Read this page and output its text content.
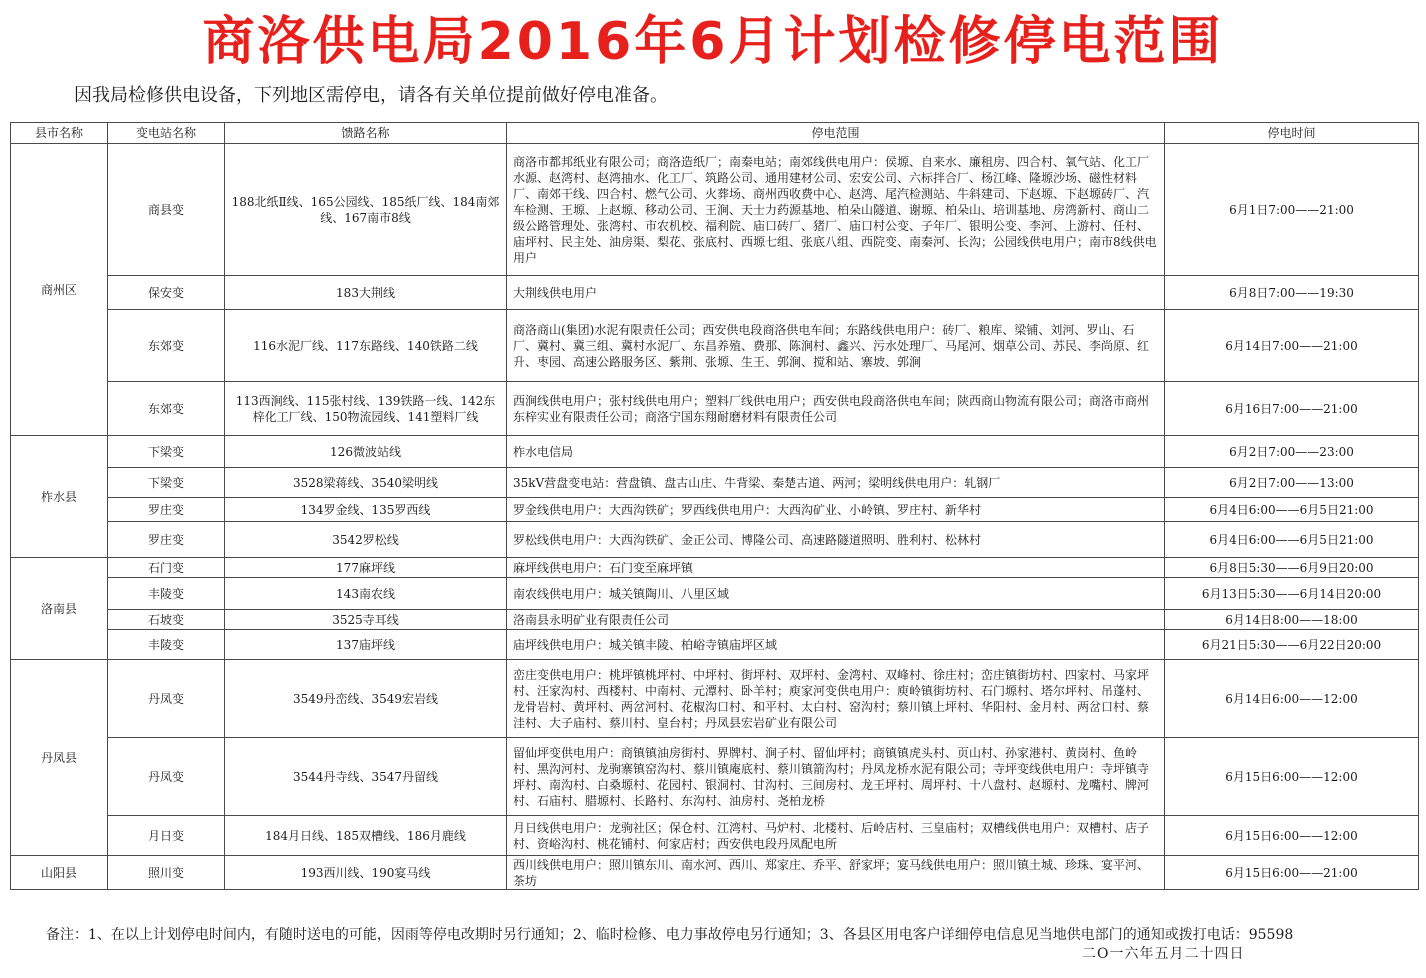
商洛供电局2016年6月计划检修停电范围
因我局检修供电设备，下列地区需停电，请各有关单位提前做好停电准备。
县市名称	变电站名称	馈路名称	停电范围	停电时间
商州区	商县变	188北纸Ⅱ线、165公园线、185纸厂线、184南郊线、167南市8线	商洛市都邦纸业有限公司；商洛造纸厂；南秦电站；南郊线供电用户：侯塬、自来水、廉租房、四合村、氧气站、化工厂水源、赵湾村、赵湾抽水、化工厂、筑路公司、通用建材公司、宏安公司、六标拌合厂、杨江峰、隆塬沙场、磁性材料厂、南郊干线、四合村、燃气公司、火葬场、商州西收费中心、赵湾、尾汽检测站、牛斜建司、下赵塬、下赵塬砖厂、汽车检测、王塬、上赵塬、移动公司、王涧、天士力药源基地、柏朵山隧道、谢塬、柏朵山、培训基地、房湾新村、商山二级公路管理处、张湾村、市农机校、福利院、庙口砖厂、猪厂、庙口村公变、子年厂、银明公变、李河、上游村、任村、庙坪村、民主处、油房渠、梨花、张底村、西塬七组、张底八组、西院变、南秦河、长沟；公园线供电用户；南市8线供电用户	6月1日7:00——21:00
	保安变	183大荆线	大荆线供电用户	6月8日7:00——19:30
	东郊变	116水泥厂线、117东路线、140铁路二线	商洛商山(集团)水泥有限责任公司；西安供电段商洛供电车间；东路线供电用户：砖厂、粮库、梁铺、刘河、罗山、石厂、冀村、冀三组、冀村水泥厂、东昌养殖、费那、陈涧村、鑫兴、污水处理厂、马尾河、烟草公司、苏民、李尚原、红升、枣园、高速公路服务区、紫荆、张塬、生王、郭涧、搅和站、寨坡、郭涧	6月14日7:00——21:00
	东郊变	113西涧线、115张村线、139铁路一线、142东梓化工厂线、150物流园线、141塑料厂线	西涧线供电用户；张村线供电用户；塑料厂线供电用户；西安供电段商洛供电车间；陕西商山物流有限公司；商洛市商州东梓实业有限责任公司；商洛宁国东翔耐磨材料有限责任公司	6月16日7:00——21:00
柞水县	下梁变	126微波站线	柞水电信局	6月2日7:00——23:00
	下梁变	3528梁蒋线、3540梁明线	35kV营盘变电站：营盘镇、盘古山庄、牛背梁、秦楚古道、两河；梁明线供电用户：轧钢厂	6月2日7:00——13:00
	罗庄变	134罗金线、135罗西线	罗金线供电用户：大西沟铁矿；罗西线供电用户：大西沟矿业、小岭镇、罗庄村、新华村	6月4日6:00——6月5日21:00
	罗庄变	3542罗松线	罗松线供电用户：大西沟铁矿、金正公司、博隆公司、高速路隧道照明、胜利村、松林村	6月4日6:00——6月5日21:00
洛南县	石门变	177麻坪线	麻坪线供电用户：石门变至麻坪镇	6月8日5:30——6月9日20:00
	丰陵变	143南农线	南农线供电用户：城关镇陶川、八里区域	6月13日5:30——6月14日20:00
	石坡变	3525寺耳线	洛南县永明矿业有限责任公司	6月14日8:00——18:00
	丰陵变	137庙坪线	庙坪线供电用户：城关镇丰陵、柏峪寺镇庙坪区域	6月21日5:30——6月22日20:00
丹凤县	丹凤变	3549丹峦线、3549宏岩线	峦庄变供电用户：桃坪镇桃坪村、中坪村、街坪村、双坪村、金湾村、双峰村、徐庄村；峦庄镇街坊村、四家村、马家坪村、汪家沟村、西楼村、中南村、元潭村、卧羊村；庾家河变供电用户：庾岭镇街坊村、石门塬村、塔尔坪村、吊蓬村、龙骨岩村、黄坪村、两岔河村、花椒沟口村、和平村、太白村、窑沟村；蔡川镇上坪村、华阳村、金月村、两岔口村、蔡洼村、大子庙村、蔡川村、皇台村；丹凤县宏岩矿业有限公司	6月14日6:00——12:00
	丹凤变	3544丹寺线、3547丹留线	留仙坪变供电用户：商镇镇油房街村、界牌村、涧子村、留仙坪村；商镇镇虎头村、页山村、孙家港村、黄岗村、鱼岭村、黑沟河村、龙驹寨镇窑沟村、蔡川镇庵底村、蔡川镇箭沟村；丹凤龙桥水泥有限公司；寺坪变线供电用户：寺坪镇寺坪村、南沟村、白桑塬村、花园村、银洞村、甘沟村、三间房村、龙王坪村、周坪村、十八盘村、赵塬村、龙嘴村、牌河村、石庙村、腊塬村、长路村、东沟村、油房村、尧柏龙桥	6月15日6:00——12:00
	月日变	184月日线、185双槽线、186月鹿线	月日线供电用户：龙驹社区；保仓村、江湾村、马炉村、北楼村、后岭店村、三皇庙村；双槽线供电用户：双槽村、店子村、资峪沟村、桃花铺村、何家店村；西安供电段丹凤配电所	6月15日6:00——12:00
山阳县	照川变	193西川线、190宴马线	西川线供电用户：照川镇东川、南水河、西川、郑家庄、乔平、舒家坪；宴马线供电用户：照川镇土城、珍珠、宴平河、茶坊	6月15日6:00——21:00
备注：1、在以上计划停电时间内，有随时送电的可能，因雨等停电改期时另行通知；2、临时检修、电力事故停电另行通知；3、各县区用电客户详细停电信息见当地供电部门的通知或拨打电话：95598
二O一六年五月二十四日
